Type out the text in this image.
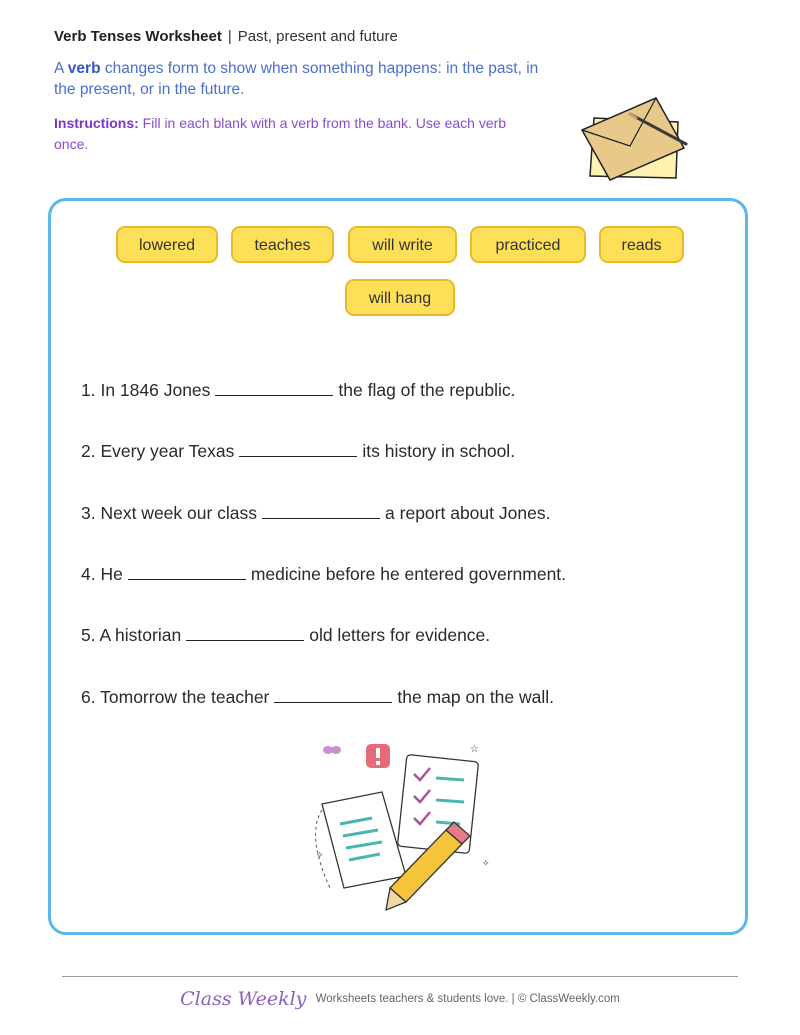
Verb Tenses Worksheet | Past, present and future
A verb changes form to show when something happens: in the past, in the present, or in the future.
Instructions: Fill in each blank with a verb from the bank. Use each verb once.
lowered	teaches	will write	practiced	reads
will hang
1. In 1846 Jones	the flag of the republic.
2. Every year Texas	its history in school.
3. Next week our class	a report about Jones.
4. He	medicine before he entered government.
5. A historian	old letters for evidence.
6. Tomorrow the teacher	the map on the wall.
☆
✧
✧
Class Weekly Worksheets teachers & students love. | © ClassWeekly.com
